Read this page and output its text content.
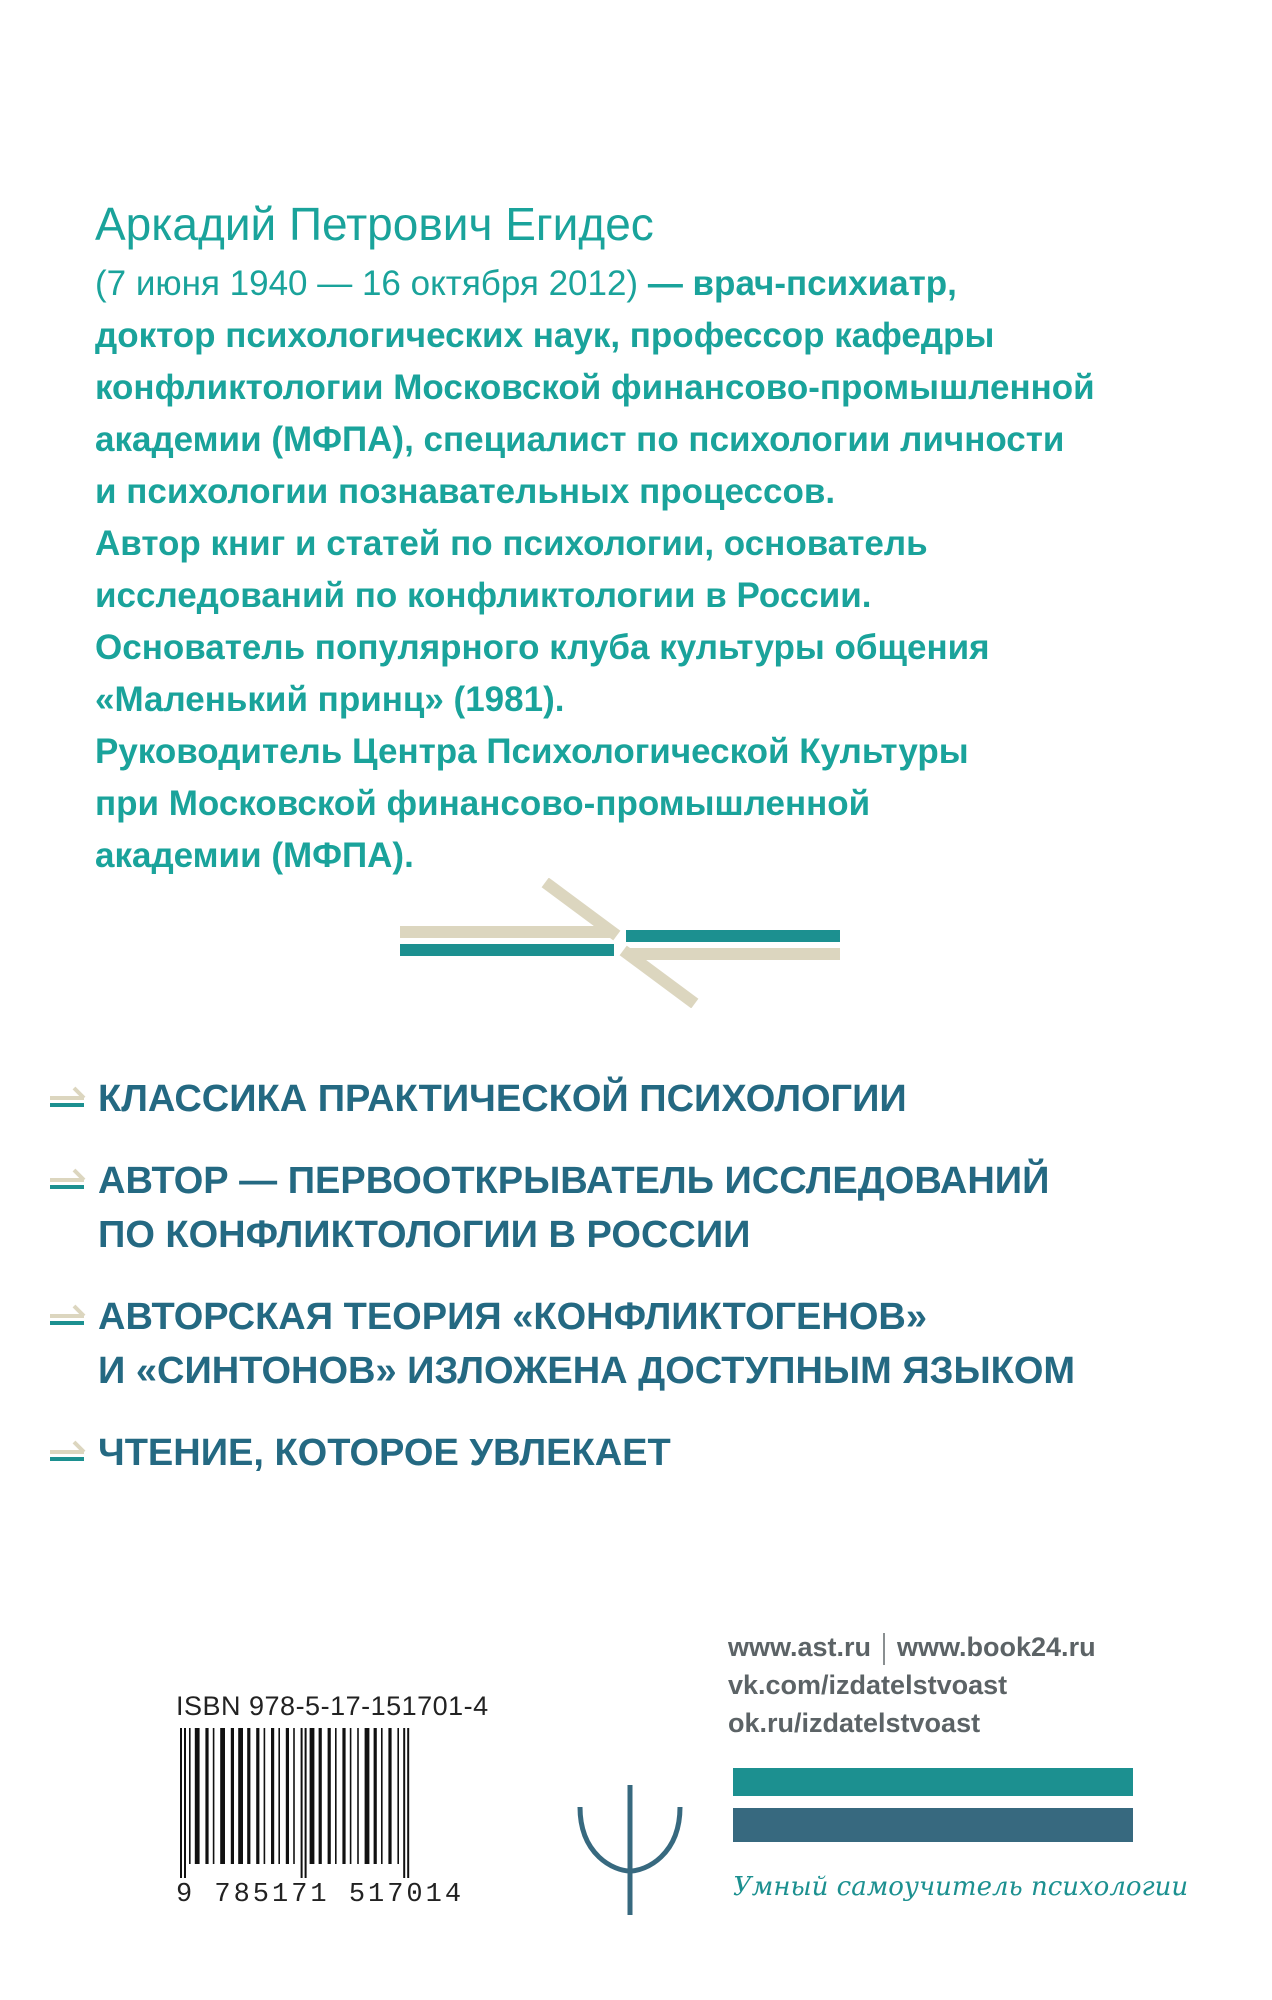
Аркадий Петрович Егидес
(7 июня 1940 — 16 октября 2012) — врач-психиатр,
доктор психологических наук, профессор кафедры
конфликтологии Московской финансово-промышленной
академии (МФПА), специалист по психологии личности
и психологии познавательных процессов.
Автор книг и статей по психологии, основатель
исследований по конфликтологии в России.
Основатель популярного клуба культуры общения
«Маленький принц» (1981).
Руководитель Центра Психологической Культуры
при Московской финансово-промышленной
академии (МФПА).
КЛАССИКА ПРАКТИЧЕСКОЙ ПСИХОЛОГИИ
АВТОР — ПЕРВООТКРЫВАТЕЛЬ ИССЛЕДОВАНИЙ
ПО КОНФЛИКТОЛОГИИ В РОССИИ
АВТОРСКАЯ ТЕОРИЯ «КОНФЛИКТОГЕНОВ»
И «СИНТОНОВ» ИЗЛОЖЕНА ДОСТУПНЫМ ЯЗЫКОМ
ЧТЕНИЕ, КОТОРОЕ УВЛЕКАЕТ
ISBN 978-5-17-151701-4
9 785171 517014
www.ast.ru www.book24.ru
vk.com/izdatelstvoast
ok.ru/izdatelstvoast
Умный самоучитель психологии
